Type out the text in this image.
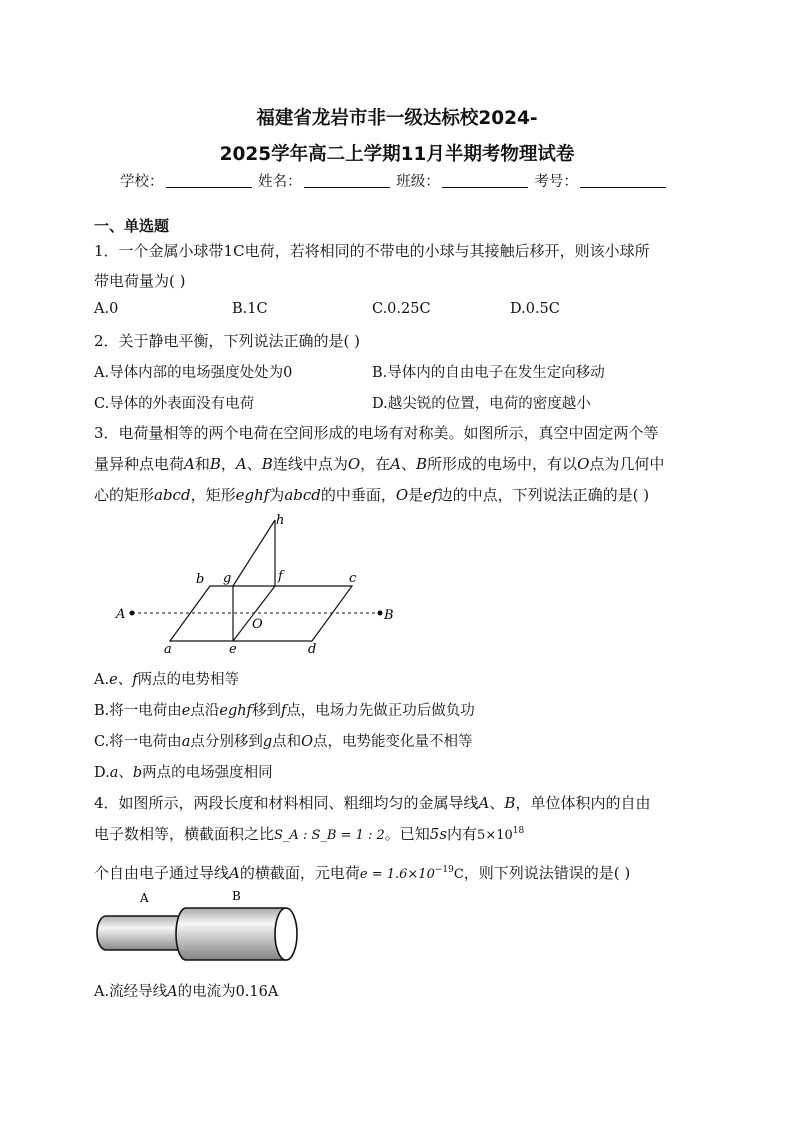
福建省龙岩市非一级达标校2024-
2025学年高二上学期11月半期考物理试卷
学校：	姓名：	班级：	考号：
一、单选题
1．一个金属小球带1C电荷，若将相同的不带电的小球与其接触后移开，则该小球所
带电荷量为( )
A.0	B.1C	C.0.25C	D.0.5C
2．关于静电平衡，下列说法正确的是( )
A.导体内部的电场强度处处为0	B.导体内的自由电子在发生定向移动
C.导体的外表面没有电荷	D.越尖锐的位置，电荷的密度越小
3．电荷量相等的两个电荷在空间形成的电场有对称美。如图所示，真空中固定两个等
量异种点电荷A和B，A、B连线中点为O，在A、B所形成的电场中，有以O点为几何中
心的矩形abcd，矩形eghf为abcd的中垂面，O是ef边的中点，下列说法正确的是( )
h
b g	f	c
A	B
O
a	e	d
A.e、f两点的电势相等
B.将一电荷由e点沿eghf移到f点，电场力先做正功后做负功
C.将一电荷由a点分别移到g点和O点，电势能变化量不相等
D.a、b两点的电场强度相同
4．如图所示，两段长度和材料相同、粗细均匀的金属导线A、B，单位体积内的自由
电子数相等，横截面积之比S_A : S_B = 1 : 2。已知5s内有$5\times 10^{18}$
个自由电子通过导线A的横截面，元电荷$e = 1.6\times 10^{-19}C$，则下列说法错误的是( )
A	B
A.流经导线A的电流为0.16A
